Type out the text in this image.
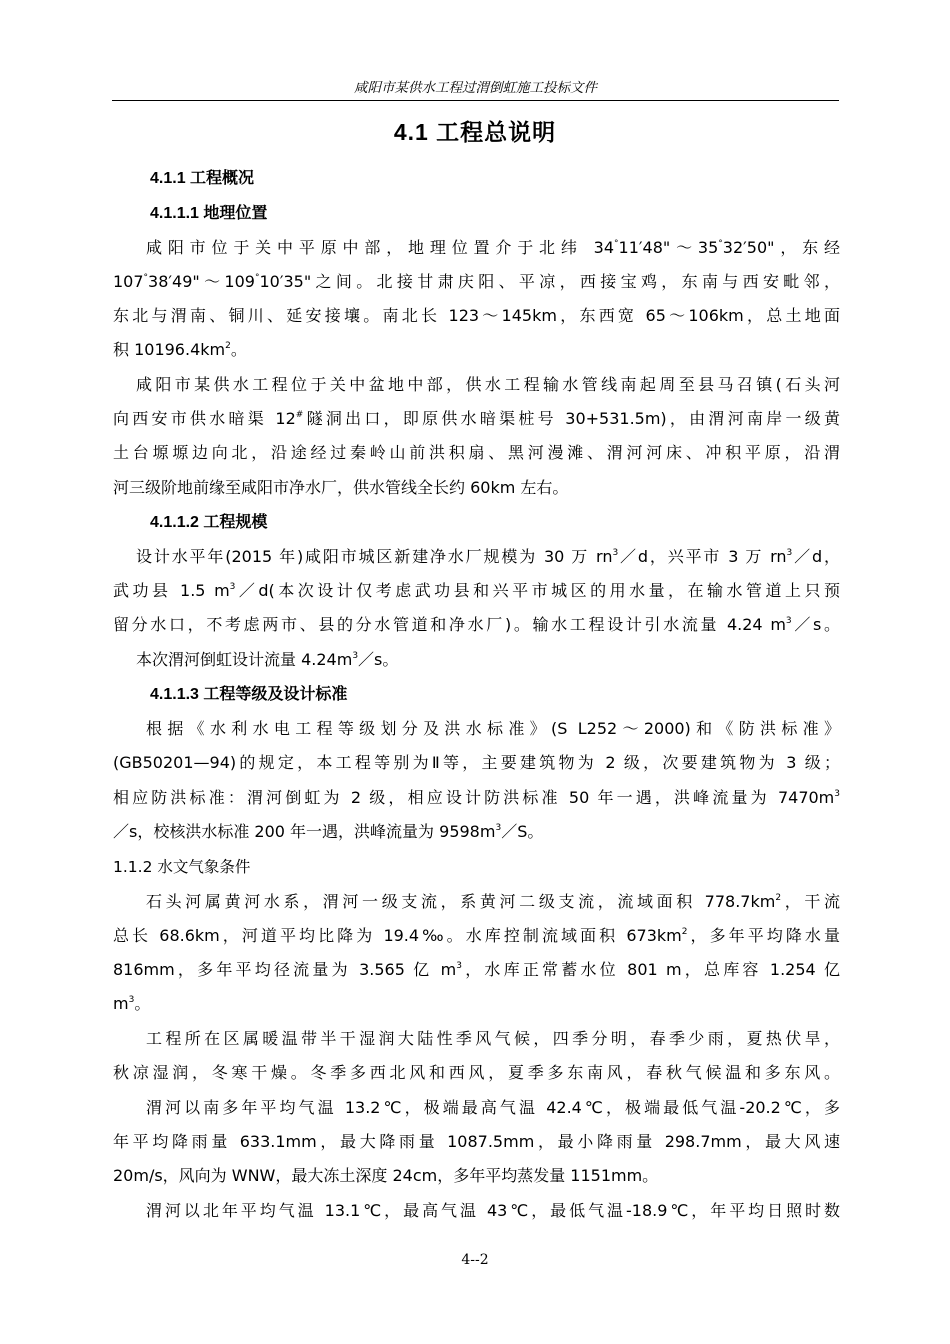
咸阳市某供水工程过渭倒虹施工投标文件
4.1 工程总说明
4.1.1 工程概况
4.1.1.1 地理位置
咸阳市位于关中平原中部，地理位置介于北纬 34°11′48"～35°32′50"，东经
107°38′49"～109°10′35"之间。北接甘肃庆阳、平凉，西接宝鸡，东南与西安毗邻，
东北与渭南、铜川、延安接壤。南北长 123～145km，东西宽 65～106km，总土地面
积 $10196.4km^2$。
咸阳市某供水工程位于关中盆地中部，供水工程输水管线南起周至县马召镇(石头河
向西安市供水暗渠 12#隧洞出口，即原供水暗渠桩号 30+531.5m)，由渭河南岸一级黄
土台塬塬边向北，沿途经过秦岭山前洪积扇、黑河漫滩、渭河河床、冲积平原，沿渭
河三级阶地前缘至咸阳市净水厂，供水管线全长约 60km 左右。
设计水平年(2015 年)咸阳市城区新建净水厂规模为 30 万 $rn^3/d$，兴平市 3 万 $rn^3/d$，
武功县 1.5 $m^3/d$(本次设计仅考虑武功县和兴平市城区的用水量，在输水管道上只预
留分水口，不考虑两市、县的分水管道和净水厂)。输水工程设计引水流量 4.24 $m^3/s$。
本次渭河倒虹设计流量 $4.24m^3/s$。
根据《水利水电工程等级划分及洪水标准》(S L252～2000)和《防洪标准》
(GB50201—94)的规定，本工程等别为Ⅱ等，主要建筑物为 2 级，次要建筑物为 3 级；
相应防洪标准：渭河倒虹为 2 级，相应设计防洪标准 50 年一遇，洪峰流量为 $7470m^3$
／s，校核洪水标准 200 年一遇，洪峰流量为 $9598m^3/S$。
石头河属黄河水系，渭河一级支流，系黄河二级支流，流域面积 $778.7km^2$，干流
总长 68.6km，河道平均比降为 19.4‰。水库控制流域面积 $673km^2$，多年平均降水量
816mm，多年平均径流量为 3.565 亿 $m^3$，水库正常蓄水位 801 m，总库容 1.254 亿
$m^3$。
工程所在区属暖温带半干湿润大陆性季风气候，四季分明，春季少雨，夏热伏旱，
秋凉湿润，冬寒干燥。冬季多西北风和西风，夏季多东南风，春秋气候温和多东风。
渭河以南多年平均气温 13.2℃，极端最高气温 42.4℃，极端最低气温-20.2℃，多
年平均降雨量 633.1mm，最大降雨量 1087.5mm，最小降雨量 298.7mm，最大风速
20m/s，风向为 WNW，最大冻土深度 24cm，多年平均蒸发量 1151mm。
渭河以北年平均气温 13.1℃，最高气温 43℃，最低气温-18.9℃，年平均日照时数
4.1.1.2 工程规模
4.1.1.3 工程等级及设计标准
1.1.2 水文气象条件
4--2
